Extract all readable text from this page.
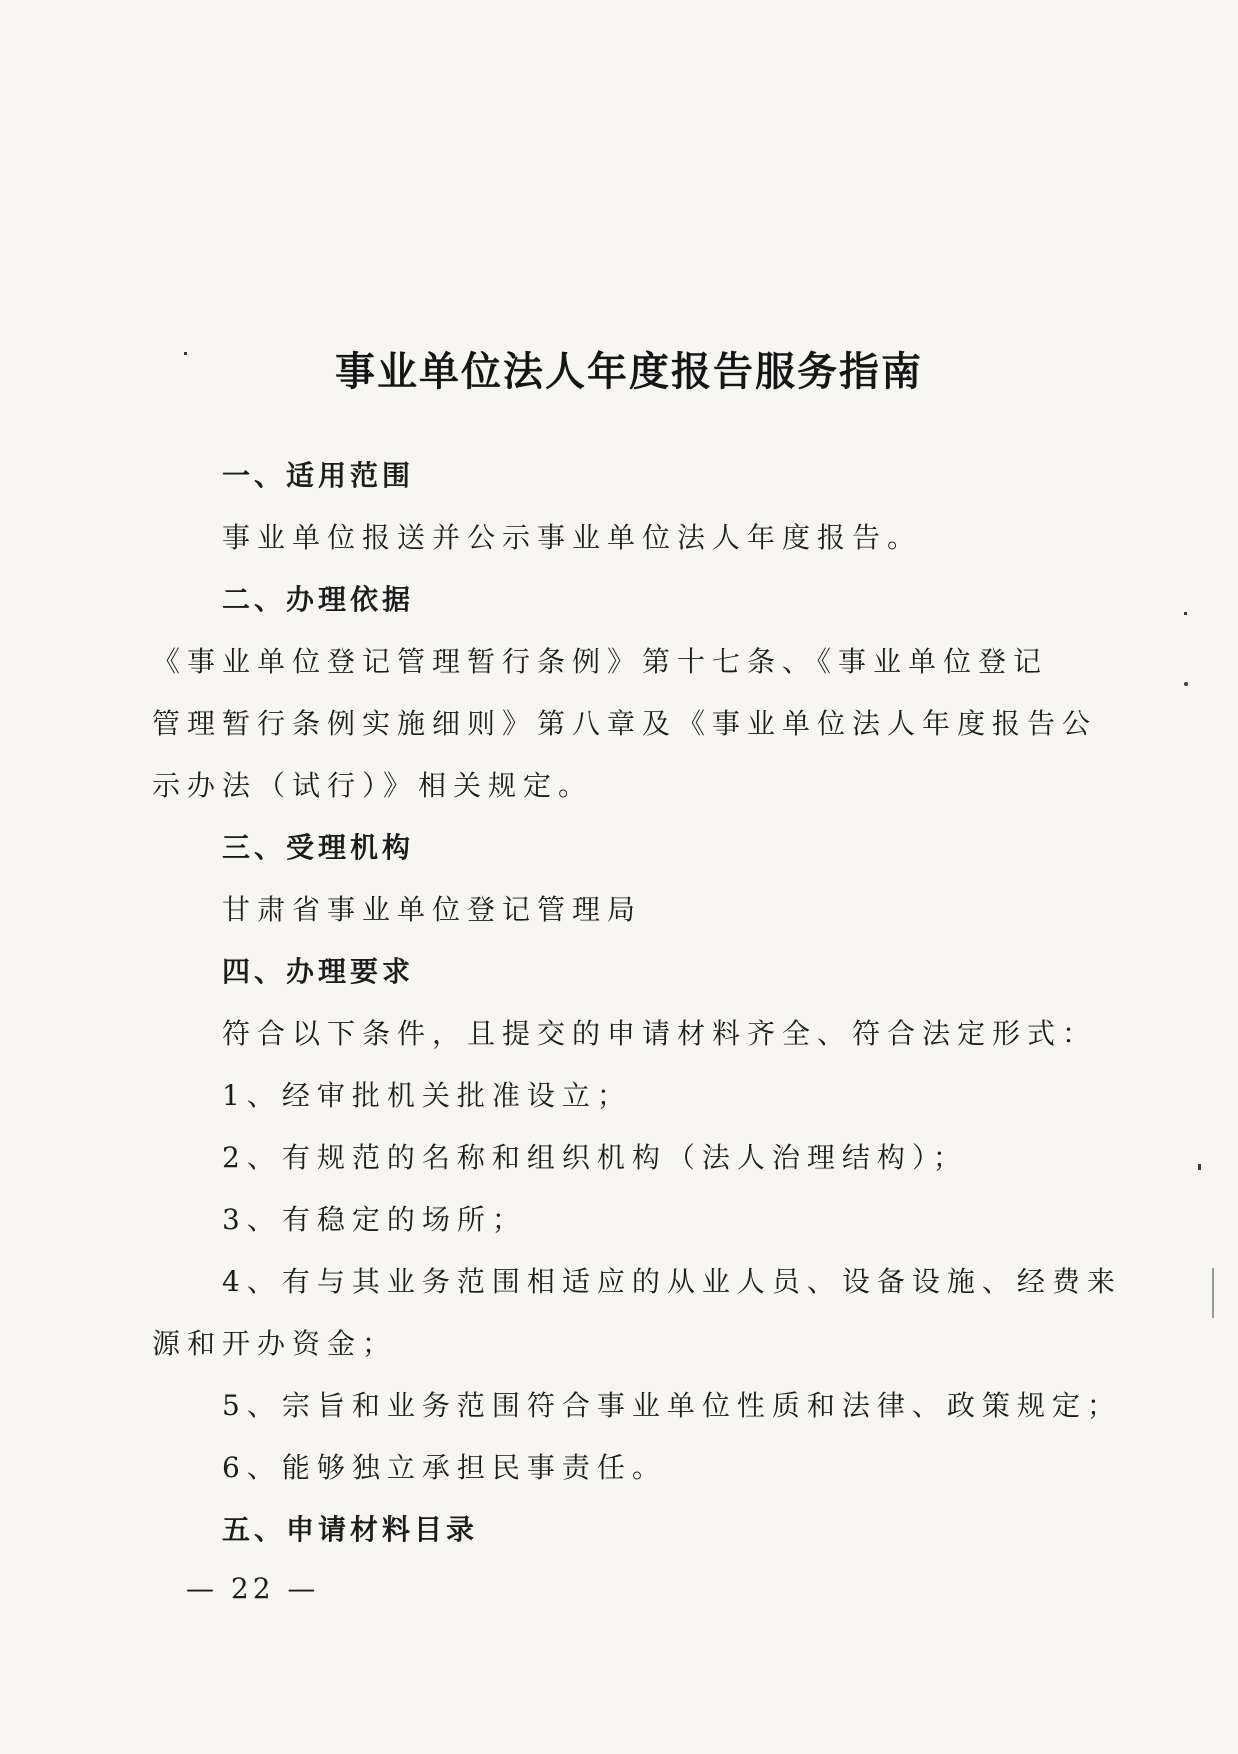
事业单位法人年度报告服务指南
一、适用范围
事业单位报送并公示事业单位法人年度报告。
二、办理依据
《事业单位登记管理暂行条例》第十七条、《事业单位登记
管理暂行条例实施细则》第八章及《事业单位法人年度报告公
示办法（试行）》相关规定。
三、受理机构
甘肃省事业单位登记管理局
四、办理要求
符合以下条件，且提交的申请材料齐全、符合法定形式：
1、经审批机关批准设立；
2、有规范的名称和组织机构（法人治理结构）；
3、有稳定的场所；
4、有与其业务范围相适应的从业人员、设备设施、经费来
源和开办资金；
5、宗旨和业务范围符合事业单位性质和法律、政策规定；
6、能够独立承担民事责任。
五、申请材料目录
— 22 —
